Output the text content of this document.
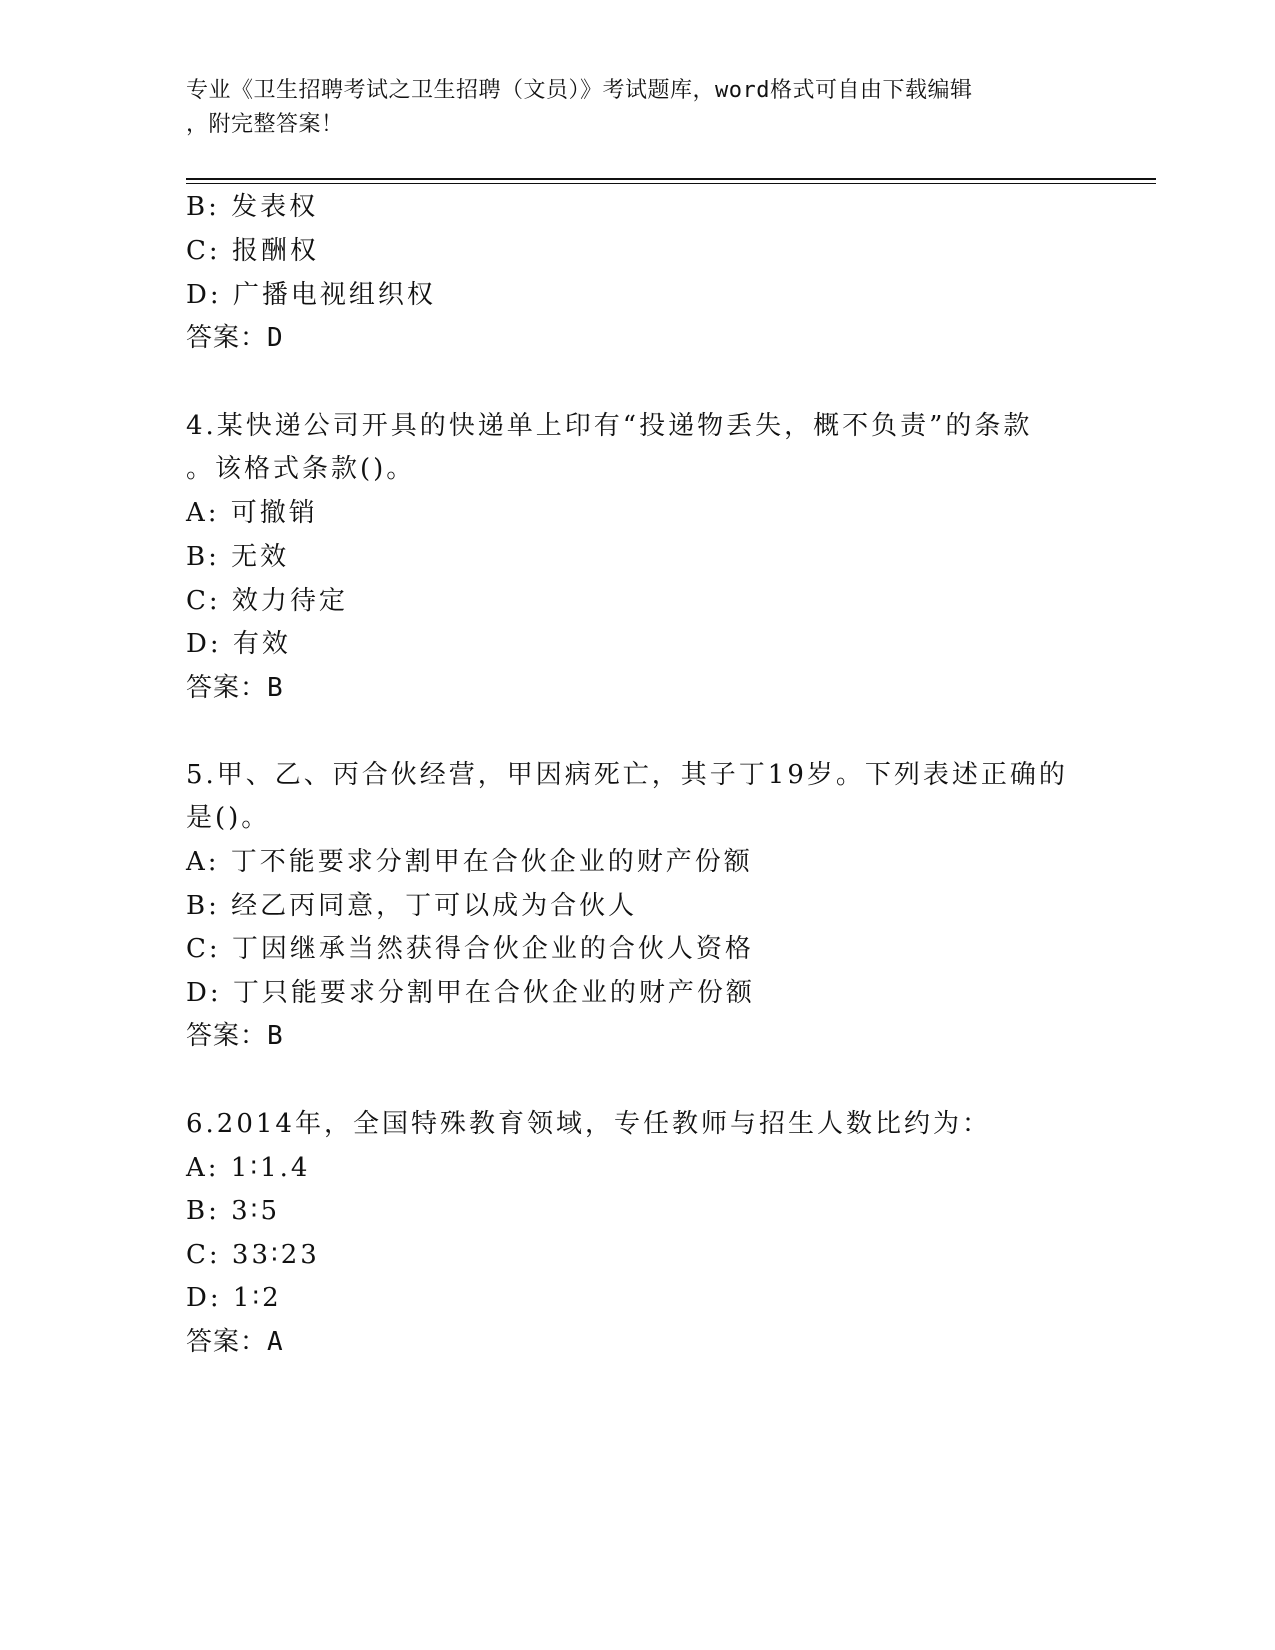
专业《卫生招聘考试之卫生招聘（文员）》考试题库，word格式可自由下载编辑
，附完整答案！
B: 发表权
C: 报酬权
D: 广播电视组织权
答案：D
4.某快递公司开具的快递单上印有“投递物丢失，概不负责”的条款
。该格式条款()。
A: 可撤销
B: 无效
C: 效力待定
D: 有效
答案：B
5.甲、乙、丙合伙经营，甲因病死亡，其子丁19岁。下列表述正确的
是()。
A: 丁不能要求分割甲在合伙企业的财产份额
B: 经乙丙同意，丁可以成为合伙人
C: 丁因继承当然获得合伙企业的合伙人资格
D: 丁只能要求分割甲在合伙企业的财产份额
答案：B
6.2014年，全国特殊教育领域，专任教师与招生人数比约为：
A: 1∶1.4
B: 3∶5
C: 33∶23
D: 1∶2
答案：A
